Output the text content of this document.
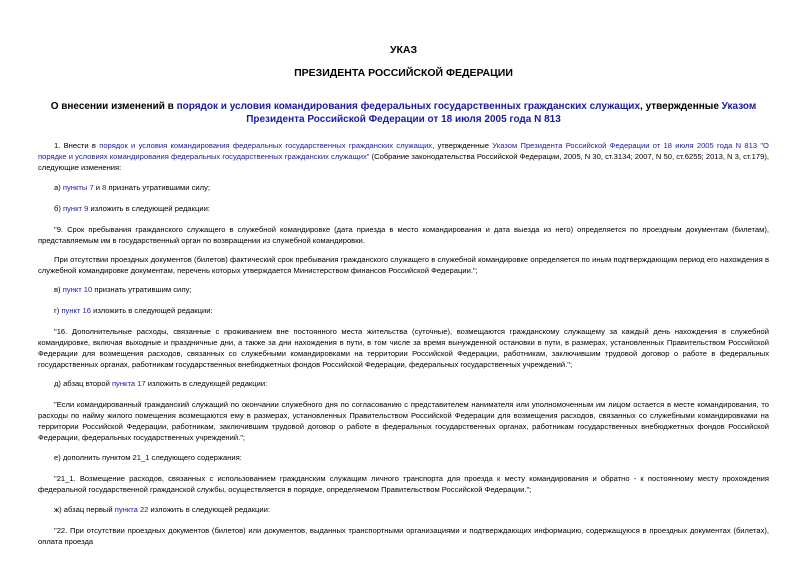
УКАЗ
ПРЕЗИДЕНТА РОССИЙСКОЙ ФЕДЕРАЦИИ
О внесении изменений в порядок и условия командирования федеральных государственных гражданских служащих, утвержденные Указом Президента Российской Федерации от 18 июля 2005 года N 813
1. Внести в порядок и условия командирования федеральных государственных гражданских служащих, утвержденные Указом Президента Российской Федерации от 18 июля 2005 года N 813 "О порядке и условиях командирования федеральных государственных гражданских служащих" (Собрание законодательства Российской Федерации, 2005, N 30, ст.3134; 2007, N 50, ст.6255; 2013, N 3, ст.179), следующие изменения:
а) пункты 7 и 8 признать утратившими силу;
б) пункт 9 изложить в следующей редакции:
"9. Срок пребывания гражданского служащего в служебной командировке (дата приезда в место командирования и дата выезда из него) определяется по проездным документам (билетам), представляемым им в государственный орган по возвращении из служебной командировки.
При отсутствии проездных документов (билетов) фактический срок пребывания гражданского служащего в служебной командировке определяется по иным подтверждающим период его нахождения в служебной командировке документам, перечень которых утверждается Министерством финансов Российской Федерации.";
в) пункт 10 признать утратившим силу;
г) пункт 16 изложить в следующей редакции:
"16. Дополнительные расходы, связанные с проживанием вне постоянного места жительства (суточные), возмещаются гражданскому служащему за каждый день нахождения в служебной командировке, включая выходные и праздничные дни, а также за дни нахождения в пути, в том числе за время вынужденной остановки в пути, в размерах, установленных Правительством Российской Федерации для возмещения расходов, связанных со служебными командировками на территории Российской Федерации, работникам, заключившим трудовой договор о работе в федеральных государственных органах, работникам государственных внебюджетных фондов Российской Федерации, федеральных государственных учреждений.";
д) абзац второй пункта 17 изложить в следующей редакции:
"Если командированный гражданский служащий по окончании служебного дня по согласованию с представителем нанимателя или уполномоченным им лицом остается в месте командирования, то расходы по найму жилого помещения возмещаются ему в размерах, установленных Правительством Российской Федерации для возмещения расходов, связанных со служебными командировками на территории Российской Федерации, работникам, заключившим трудовой договор о работе в федеральных государственных органах, работникам государственных внебюджетных фондов Российской Федерации, федеральных государственных учреждений.";
е) дополнить пунктом 21_1 следующего содержания:
"21_1. Возмещение расходов, связанных с использованием гражданским служащим личного транспорта для проезда к месту командирования и обратно - к постоянному месту прохождения федеральной государственной гражданской службы, осуществляется в порядке, определяемом Правительством Российской Федерации.";
ж) абзац первый пункта 22 изложить в следующей редакции:
"22. При отсутствии проездных документов (билетов) или документов, выданных транспортными организациями и подтверждающих информацию, содержащуюся в проездных документах (билетах), оплата проезда
